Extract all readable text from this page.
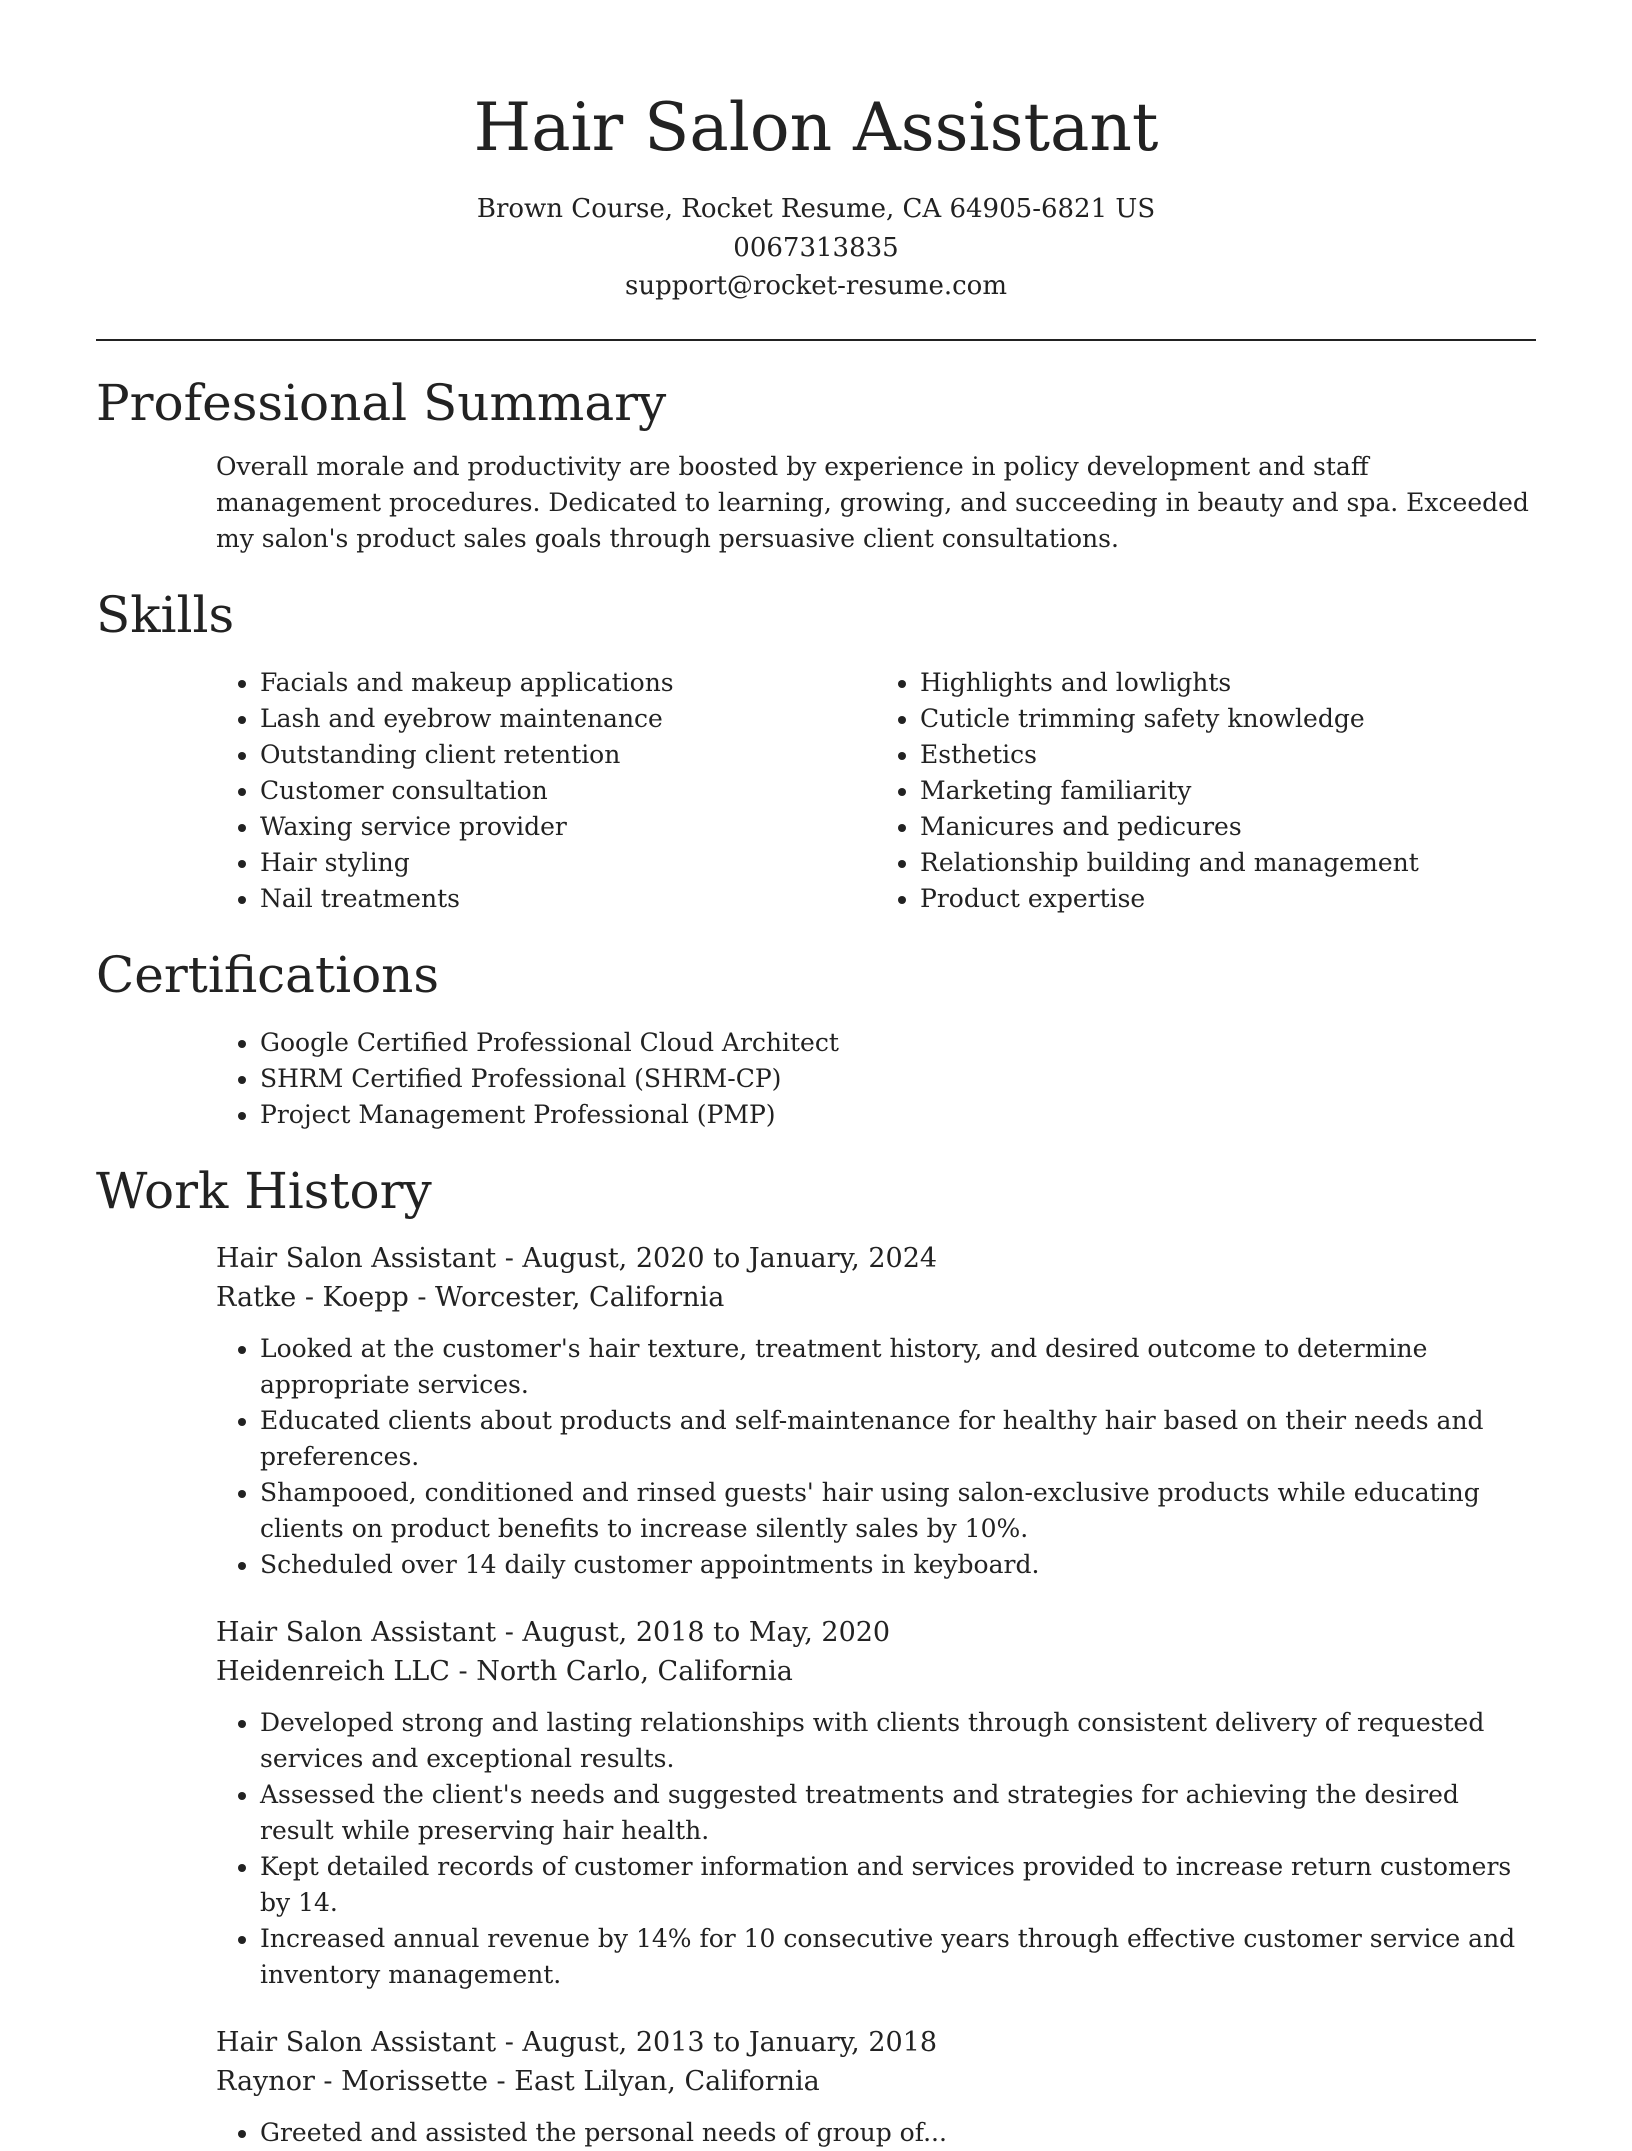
Hair Salon Assistant
Brown Course, Rocket Resume, CA 64905-6821 US
0067313835
support@rocket-resume.com
Professional Summary

Overall morale and productivity are boosted by experience in policy development and staff management procedures. Dedicated to learning, growing, and succeeding in beauty and spa. Exceeded my salon's product sales goals through persuasive client consultations.

Skills
• Facials and makeup applications
• Lash and eyebrow maintenance
• Outstanding client retention
• Customer consultation
• Waxing service provider
• Hair styling
• Nail treatments
• Highlights and lowlights
• Cuticle trimming safety knowledge
• Esthetics
• Marketing familiarity
• Manicures and pedicures
• Relationship building and management
• Product expertise
Certifications
• Google Certified Professional Cloud Architect
• SHRM Certified Professional (SHRM-CP)
• Project Management Professional (PMP)
Work History
Hair Salon Assistant - August, 2020 to January, 2024
Ratke - Koepp - Worcester, California
• Looked at the customer's hair texture, treatment history, and desired outcome to determine appropriate services.
• Educated clients about products and self-maintenance for healthy hair based on their needs and preferences.
• Shampooed, conditioned and rinsed guests' hair using salon-exclusive products while educating clients on product benefits to increase silently sales by 10%.
• Scheduled over 14 daily customer appointments in keyboard.
Hair Salon Assistant - August, 2018 to May, 2020
Heidenreich LLC - North Carlo, California
• Developed strong and lasting relationships with clients through consistent delivery of requested services and exceptional results.
• Assessed the client's needs and suggested treatments and strategies for achieving the desired result while preserving hair health.
• Kept detailed records of customer information and services provided to increase return customers by 14.
• Increased annual revenue by 14% for 10 consecutive years through effective customer service and inventory management.
Hair Salon Assistant - August, 2013 to January, 2018
Raynor - Morissette - East Lilyan, California
• Greeted and assisted the personal needs of group of...
